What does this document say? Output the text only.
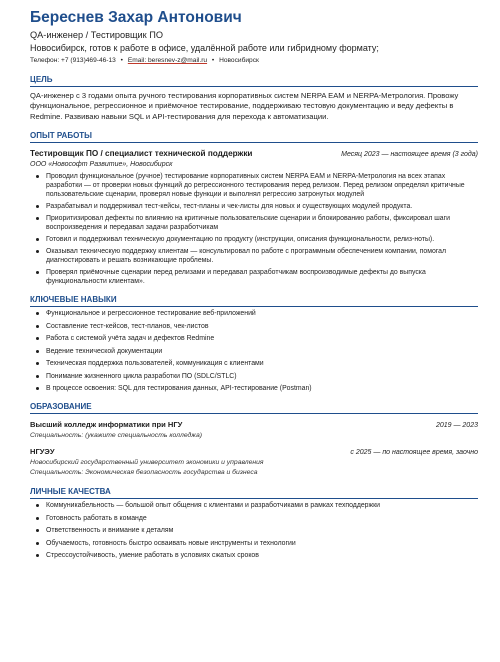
Береснев Захар Антонович
QA-инженер / Тестировщик ПО
Новосибирск, готов к работе в офисе, удалённой работе или гибридному формату;
Телефон: +7 (913)469-46-13 • Email: beresnev-z@mail.ru • Новосибирск
ЦЕЛЬ
QA-инженер с 3 годами опыта ручного тестирования корпоративных систем NERPA EAM и NERPA-Метрология. Провожу функциональное, регрессионное и приёмочное тестирование, поддерживаю тестовую документацию и веду дефекты в Redmine. Развиваю навыки SQL и API-тестирования для перехода к автоматизации.
ОПЫТ РАБОТЫ
Тестировщик ПО / специалист технической поддержки	Месяц 2023 — настоящее время (3 года)
ООО «Новософт Развитие», Новосибирск
Проводил функциональное (ручное) тестирование корпоративных систем NERPA EAM и NERPA-Метрология на всех этапах разработки — от проверки новых функций до регрессионного тестирования перед релизом. Перед релизом определял критичные пользовательские сценарии, проверял новые функции и выполнял регрессию затронутых модулей
Разрабатывал и поддерживал тест-кейсы, тест-планы и чек-листы для новых и существующих модулей продукта.
Приоритизировал дефекты по влиянию на критичные пользовательские сценарии и блокированию работы, фиксировал шаги воспроизведения и передавал задачи разработчикам
Готовил и поддерживал техническую документацию по продукту (инструкции, описания функциональности, релиз-ноты).
Оказывал техническую поддержку клиентам — консультировал по работе с программным обеспечением компании, помогал диагностировать и решать возникающие проблемы.
Проверял приёмочные сценарии перед релизами и передавал разработчикам воспроизводимые дефекты до выпуска функциональности клиентам».
КЛЮЧЕВЫЕ НАВЫКИ
Функциональное и регрессионное тестирование веб-приложений
Составление тест-кейсов, тест-планов, чек-листов
Работа с системой учёта задач и дефектов Redmine
Ведение технической документации
Техническая поддержка пользователей, коммуникация с клиентами
Понимание жизненного цикла разработки ПО (SDLC/STLC)
В процессе освоения: SQL для тестирования данных, API-тестирование (Postman)
ОБРАЗОВАНИЕ
Высший колледж информатики при НГУ	2019 — 2023
Специальность: (укажите специальность колледжа)
НГУЭУ	с 2025 — по настоящее время, заочно
Новосибирский государственный университет экономики и управления
Специальность: Экономическая безопасность государства и бизнеса
ЛИЧНЫЕ КАЧЕСТВА
Коммуникабельность — большой опыт общения с клиентами и разработчиками в рамках техподдержки
Готовность работать в команде
Ответственность и внимание к деталям
Обучаемость, готовность быстро осваивать новые инструменты и технологии
Стрессоустойчивость, умение работать в условиях сжатых сроков
